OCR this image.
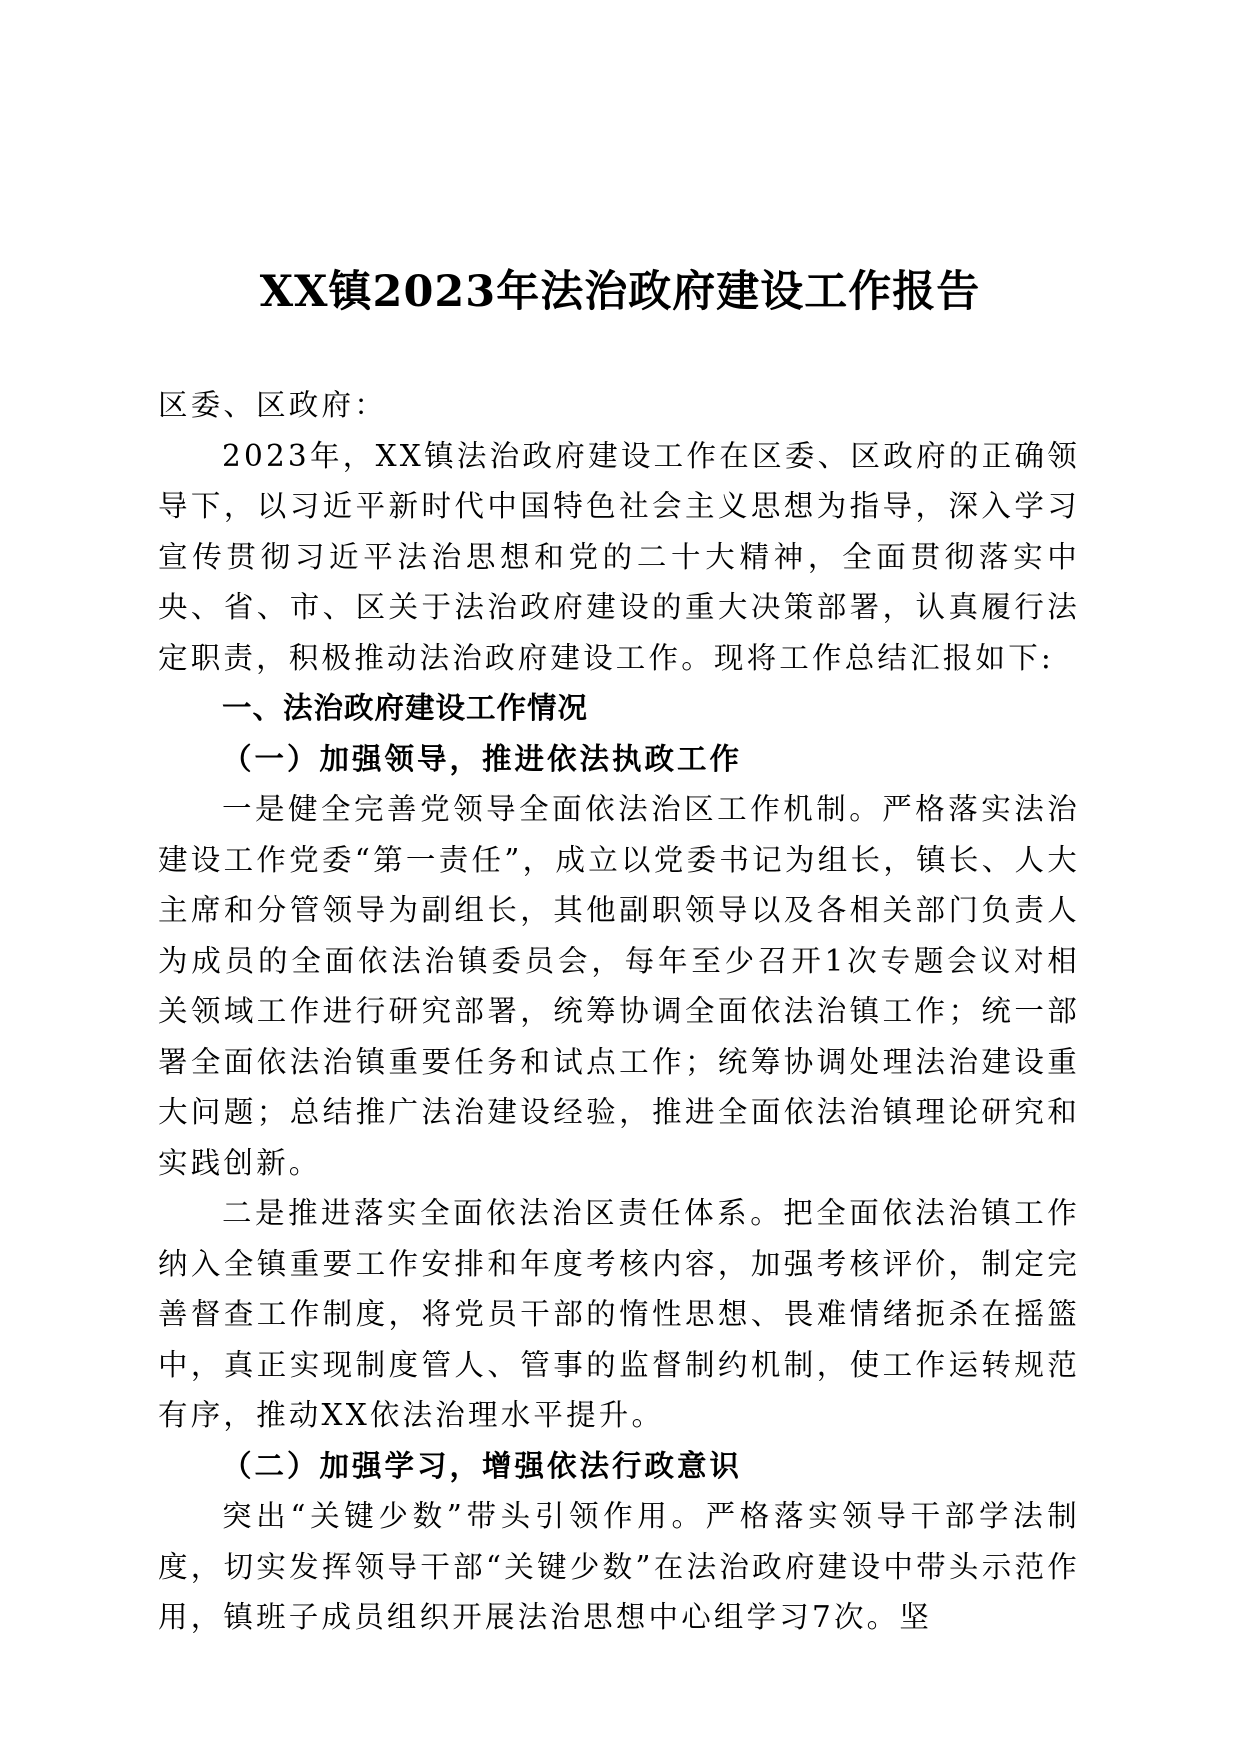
XX镇2023年法治政府建设工作报告

区委、区政府：

2023年，XX镇法治政府建设工作在区委、区政府的正确领导下，以习近平新时代中国特色社会主义思想为指导，深入学习宣传贯彻习近平法治思想和党的二十大精神，全面贯彻落实中央、省、市、区关于法治政府建设的重大决策部署，认真履行法定职责，积极推动法治政府建设工作。现将工作总结汇报如下:

一、法治政府建设工作情况

（一）加强领导，推进依法执政工作

一是健全完善党领导全面依法治区工作机制。严格落实法治建设工作党委“第一责任”，成立以党委书记为组长，镇长、人大主席和分管领导为副组长，其他副职领导以及各相关部门负责人为成员的全面依法治镇委员会，每年至少召开1次专题会议对相关领域工作进行研究部署，统筹协调全面依法治镇工作；统一部署全面依法治镇重要任务和试点工作；统筹协调处理法治建设重大问题；总结推广法治建设经验，推进全面依法治镇理论研究和实践创新。

二是推进落实全面依法治区责任体系。把全面依法治镇工作纳入全镇重要工作安排和年度考核内容，加强考核评价，制定完善督查工作制度，将党员干部的惰性思想、畏难情绪扼杀在摇篮中，真正实现制度管人、管事的监督制约机制，使工作运转规范有序，推动XX依法治理水平提升。

（二）加强学习，增强依法行政意识

突出“关键少数”带头引领作用。严格落实领导干部学法制度，切实发挥领导干部“关键少数”在法治政府建设中带头示范作用，镇班子成员组织开展法治思想中心组学习7次。坚
